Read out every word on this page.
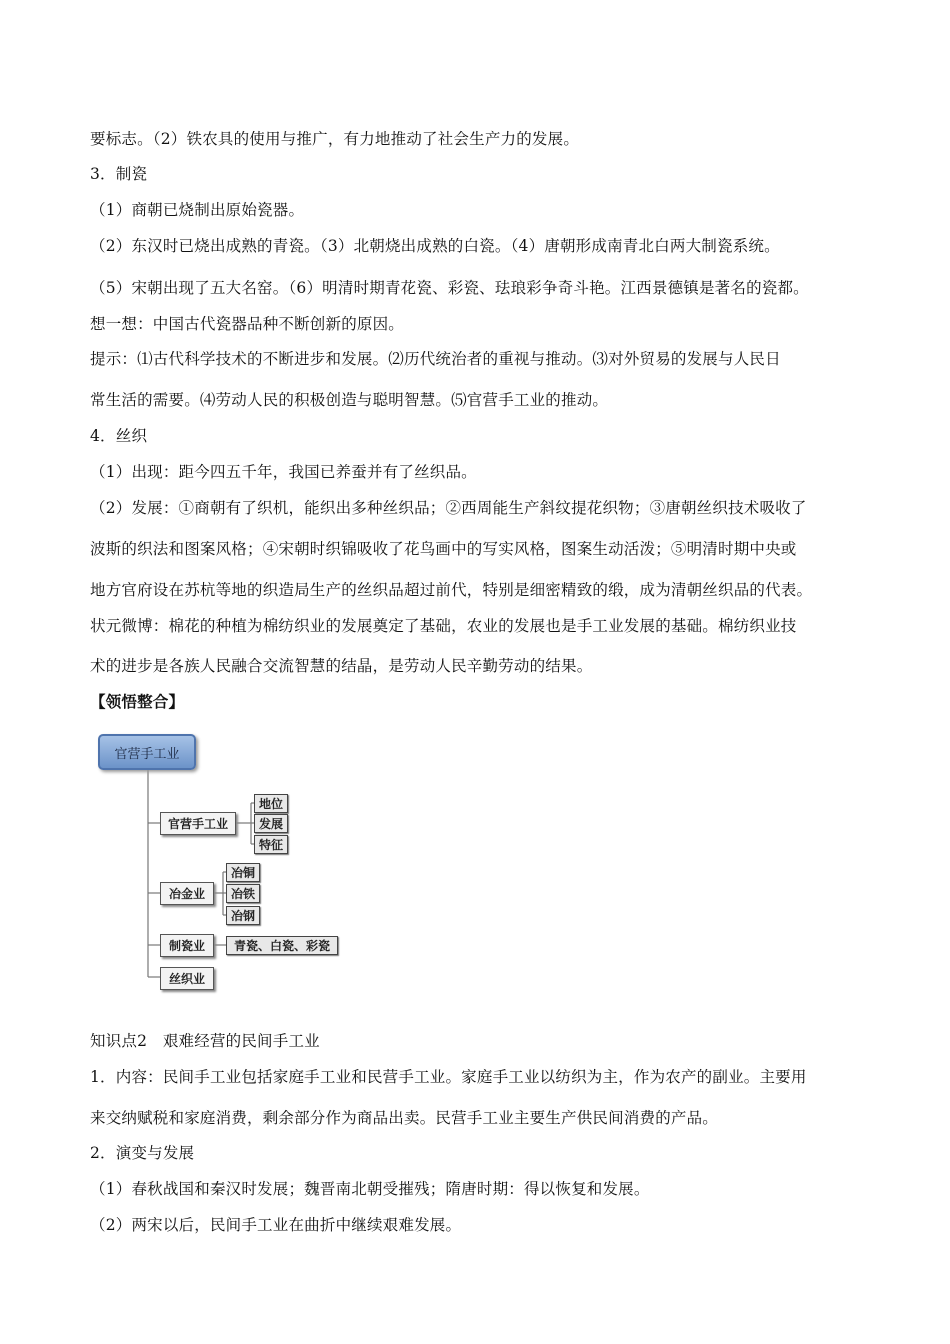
要标志。（2）铁农具的使用与推广，有力地推动了社会生产力的发展。
3．制瓷
（1）商朝已烧制出原始瓷器。
（2）东汉时已烧出成熟的青瓷。（3）北朝烧出成熟的白瓷。（4）唐朝形成南青北白两大制瓷系统。
（5）宋朝出现了五大名窑。（6）明清时期青花瓷、彩瓷、珐琅彩争奇斗艳。江西景德镇是著名的瓷都。
想一想：中国古代瓷器品种不断创新的原因。
提示：⑴古代科学技术的不断进步和发展。⑵历代统治者的重视与推动。⑶对外贸易的发展与人民日
常生活的需要。⑷劳动人民的积极创造与聪明智慧。⑸官营手工业的推动。
4．丝织
（1）出现：距今四五千年，我国已养蚕并有了丝织品。
（2）发展：①商朝有了织机，能织出多种丝织品；②西周能生产斜纹提花织物；③唐朝丝织技术吸收了
波斯的织法和图案风格；④宋朝时织锦吸收了花鸟画中的写实风格，图案生动活泼；⑤明清时期中央或
地方官府设在苏杭等地的织造局生产的丝织品超过前代，特别是细密精致的缎，成为清朝丝织品的代表。
状元微博：棉花的种植为棉纺织业的发展奠定了基础，农业的发展也是手工业发展的基础。棉纺织业技
术的进步是各族人民融合交流智慧的结晶，是劳动人民辛勤劳动的结果。
【领悟整合】
官营手工业
官营手工业
地位
发展
特征
冶金业
冶铜
冶铁
冶钢
制瓷业	青瓷、白瓷、彩瓷
丝织业
知识点2　艰难经营的民间手工业
1．内容：民间手工业包括家庭手工业和民营手工业。家庭手工业以纺织为主，作为农产的副业。主要用
来交纳赋税和家庭消费，剩余部分作为商品出卖。民营手工业主要生产供民间消费的产品。
2．演变与发展
（1）春秋战国和秦汉时发展；魏晋南北朝受摧残；隋唐时期：得以恢复和发展。
（2）两宋以后，民间手工业在曲折中继续艰难发展。
